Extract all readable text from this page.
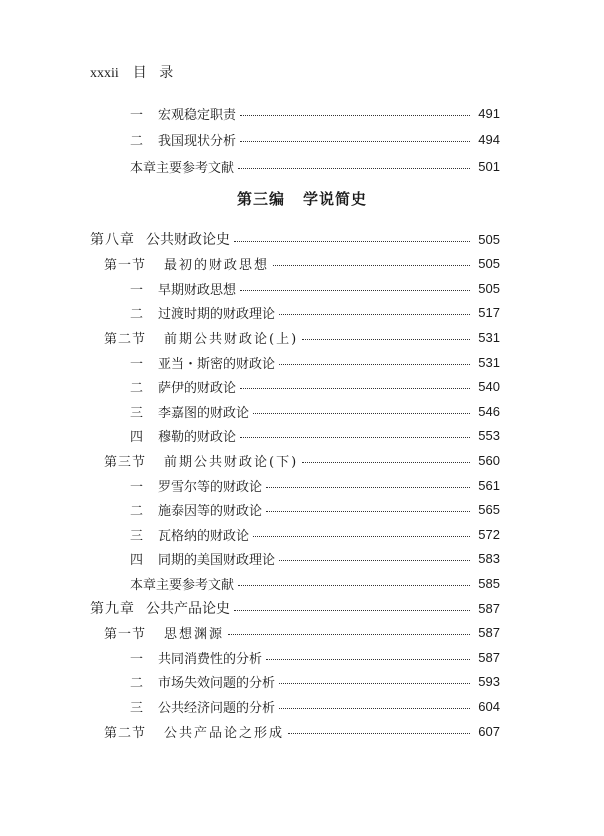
xxxii 目 录
第三编 学说简史
一 宏观稳定职责	491
二 我国现状分析	494
本章主要参考文献	501
第八章 公共财政论史	505
第一节 最初的财政思想	505
一 早期财政思想	505
二 过渡时期的财政理论	517
第二节 前期公共财政论(上)	531
一 亚当・斯密的财政论	531
二 萨伊的财政论	540
三 李嘉图的财政论	546
四 穆勒的财政论	553
第三节 前期公共财政论(下)	560
一 罗雪尔等的财政论	561
二 施泰因等的财政论	565
三 瓦格纳的财政论	572
四 同期的美国财政理论	583
本章主要参考文献	585
第九章 公共产品论史	587
第一节 思想渊源	587
一 共同消费性的分析	587
二 市场失效问题的分析	593
三 公共经济问题的分析	604
第二节 公共产品论之形成	607
